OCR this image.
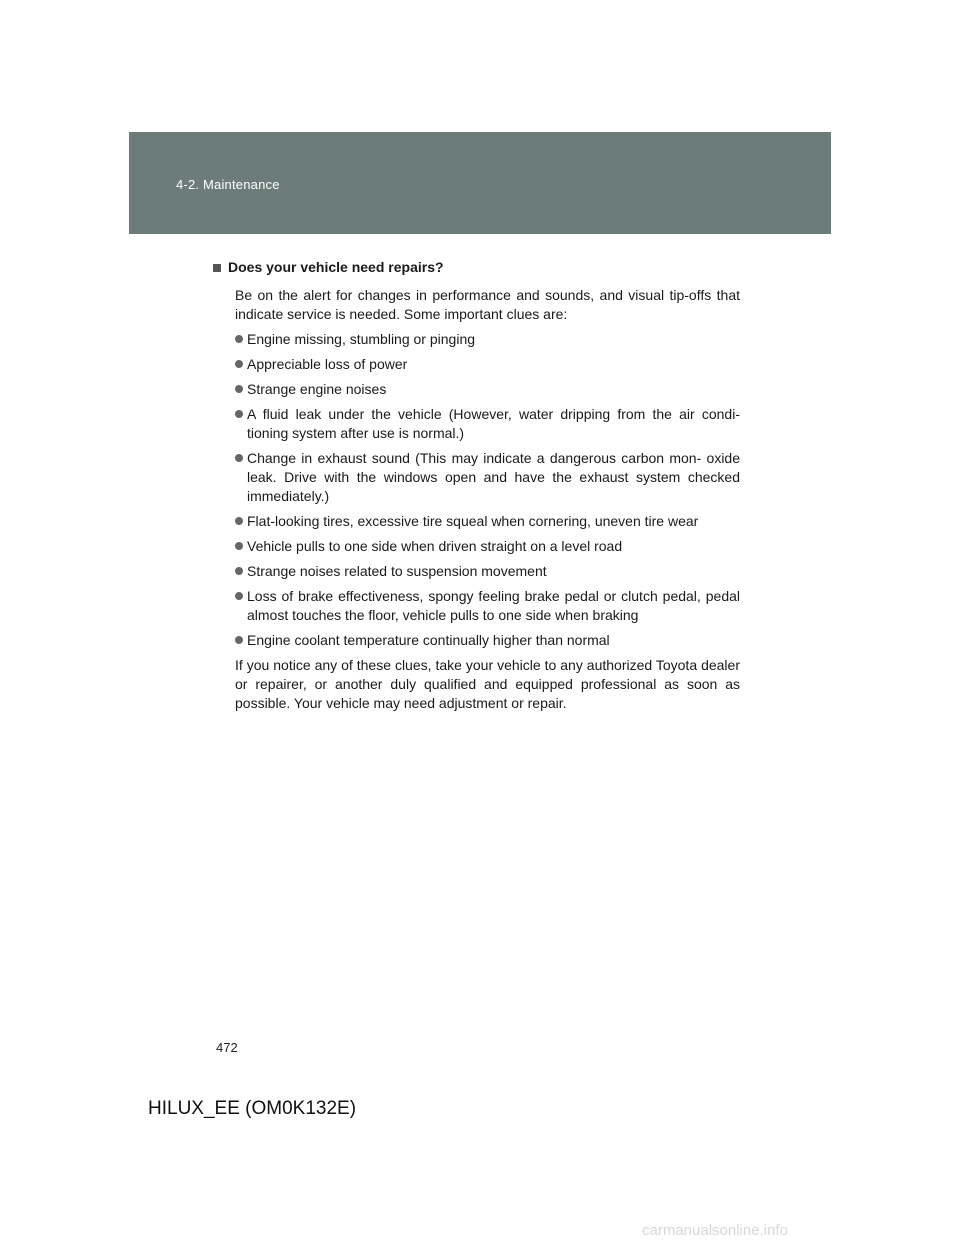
4-2. Maintenance
Does your vehicle need repairs?
Be on the alert for changes in performance and sounds, and visual tip-offs that indicate service is needed. Some important clues are:
Engine missing, stumbling or pinging
Appreciable loss of power
Strange engine noises
A fluid leak under the vehicle (However, water dripping from the air condi- tioning system after use is normal.)
Change in exhaust sound (This may indicate a dangerous carbon mon- oxide leak. Drive with the windows open and have the exhaust system checked immediately.)
Flat-looking tires, excessive tire squeal when cornering, uneven tire wear
Vehicle pulls to one side when driven straight on a level road
Strange noises related to suspension movement
Loss of brake effectiveness, spongy feeling brake pedal or clutch pedal, pedal almost touches the floor, vehicle pulls to one side when braking
Engine coolant temperature continually higher than normal
If you notice any of these clues, take your vehicle to any authorized Toyota dealer or repairer, or another duly qualified and equipped professional as soon as possible. Your vehicle may need adjustment or repair.
472
HILUX_EE (OM0K132E)
carmanualsonline.info
